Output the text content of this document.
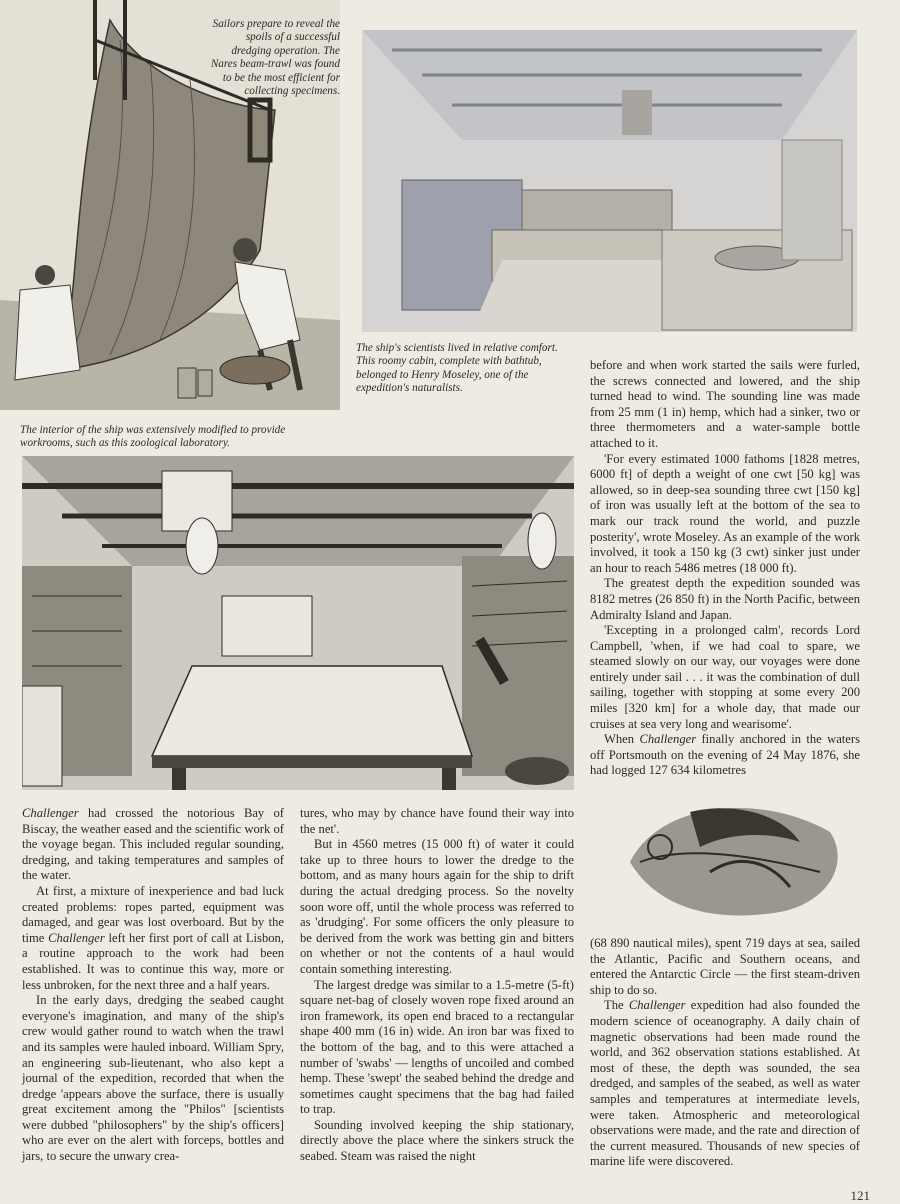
Sailors prepare to reveal the spoils of a successful dredging operation. The Nares beam-trawl was found to be the most efficient for collecting specimens.
The ship's scientists lived in relative comfort. This roomy cabin, complete with bathtub, belonged to Henry Moseley, one of the expedition's naturalists.
The interior of the ship was extensively modified to provide workrooms, such as this zoological laboratory.

before and when work started the sails were furled, the screws connected and lowered, and the ship turned head to wind. The sounding line was made from 25 mm (1 in) hemp, which had a sinker, two or three thermometers and a water-sample bottle attached to it.

'For every estimated 1000 fathoms [1828 metres, 6000 ft] of depth a weight of one cwt [50 kg] was allowed, so in deep-sea sounding three cwt [150 kg] of iron was usually left at the bottom of the sea to mark our track round the world, and puzzle posterity', wrote Moseley. As an example of the work involved, it took a 150 kg (3 cwt) sinker just under an hour to reach 5486 metres (18 000 ft).

The greatest depth the expedition sounded was 8182 metres (26 850 ft) in the North Pacific, between Admiralty Island and Japan.

'Excepting in a prolonged calm', records Lord Campbell, 'when, if we had coal to spare, we steamed slowly on our way, our voyages were done entirely under sail . . . it was the combination of dull sailing, together with stopping at some every 200 miles [320 km] for a whole day, that made our cruises at sea very long and wearisome'.

When Challenger finally anchored in the waters off Portsmouth on the evening of 24 May 1876, she had logged 127 634 kilometres

(68 890 nautical miles), spent 719 days at sea, sailed the Atlantic, Pacific and Southern oceans, and entered the Antarctic Circle — the first steam-driven ship to do so.

The Challenger expedition had also founded the modern science of oceanography. A daily chain of magnetic observations had been made round the world, and 362 observation stations established. At most of these, the depth was sounded, the sea dredged, and samples of the seabed, as well as water samples and temperatures at intermediate levels, were taken. Atmospheric and meteorological observations were made, and the rate and direction of the current measured. Thousands of new species of marine life were discovered.

Challenger had crossed the notorious Bay of Biscay, the weather eased and the scientific work of the voyage began. This included regular sounding, dredging, and taking temperatures and samples of the water.

At first, a mixture of inexperience and bad luck created problems: ropes parted, equipment was damaged, and gear was lost overboard. But by the time Challenger left her first port of call at Lisbon, a routine approach to the work had been established. It was to continue this way, more or less unbroken, for the next three and a half years.

In the early days, dredging the seabed caught everyone's imagination, and many of the ship's crew would gather round to watch when the trawl and its samples were hauled inboard. William Spry, an engineering sub-lieutenant, who also kept a journal of the expedition, recorded that when the dredge 'appears above the surface, there is usually great excitement among the "Philos" [scientists were dubbed "philosophers" by the ship's officers] who are ever on the alert with forceps, bottles and jars, to secure the unwary crea-

tures, who may by chance have found their way into the net'.

But in 4560 metres (15 000 ft) of water it could take up to three hours to lower the dredge to the bottom, and as many hours again for the ship to drift during the actual dredging process. So the novelty soon wore off, until the whole process was referred to as 'drudging'. For some officers the only pleasure to be derived from the work was betting gin and bitters on whether or not the contents of a haul would contain something interesting.

The largest dredge was similar to a 1.5-metre (5-ft) square net-bag of closely woven rope fixed around an iron framework, its open end braced to a rectangular shape 400 mm (16 in) wide. An iron bar was fixed to the bottom of the bag, and to this were attached a number of 'swabs' — lengths of uncoiled and combed hemp. These 'swept' the seabed behind the dredge and sometimes caught specimens that the bag had failed to trap.

Sounding involved keeping the ship stationary, directly above the place where the sinkers struck the seabed. Steam was raised the night

121
